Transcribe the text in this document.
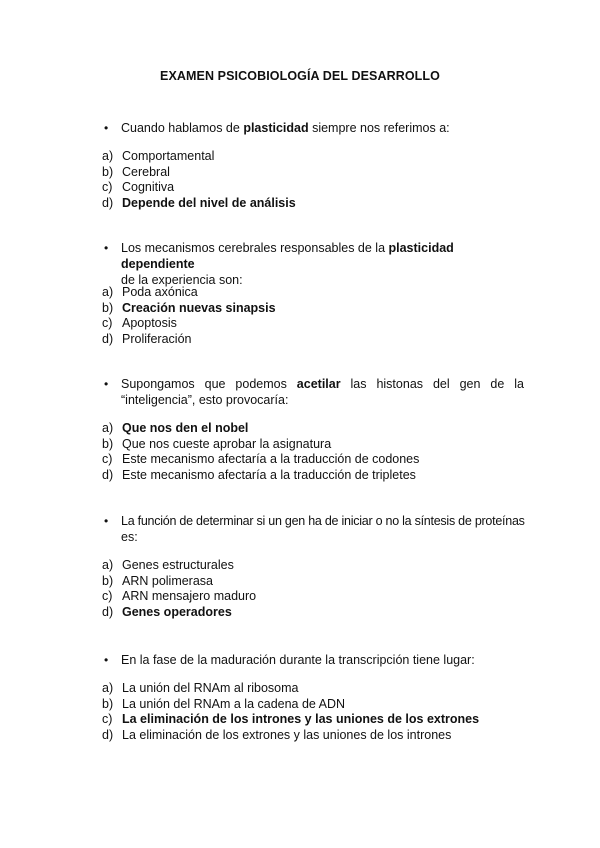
EXAMEN PSICOBIOLOGÍA DEL DESARROLLO
•	Cuando hablamos de plasticidad siempre nos referimos a:
a) Comportamental
b) Cerebral
c) Cognitiva
d) Depende del nivel de análisis
•	Los mecanismos cerebrales responsables de la plasticidad dependiente
de la experiencia son:
a) Poda axónica
b) Creación nuevas sinapsis
c) Apoptosis
d) Proliferación
•	Supongamos que podemos acetilar las histonas del gen de la
“inteligencia”, esto provocaría:
a) Que nos den el nobel
b) Que nos cueste aprobar la asignatura
c) Este mecanismo afectaría a la traducción de codones
d) Este mecanismo afectaría a la traducción de tripletes
•	La función de determinar si un gen ha de iniciar o no la síntesis de proteínas
es:
a) Genes estructurales
b) ARN polimerasa
c) ARN mensajero maduro
d) Genes operadores
•	En la fase de la maduración durante la transcripción tiene lugar:
a) La unión del RNAm al ribosoma
b) La unión del RNAm a la cadena de ADN
c) La eliminación de los intrones y las uniones de los extrones
d) La eliminación de los extrones y las uniones de los intrones
